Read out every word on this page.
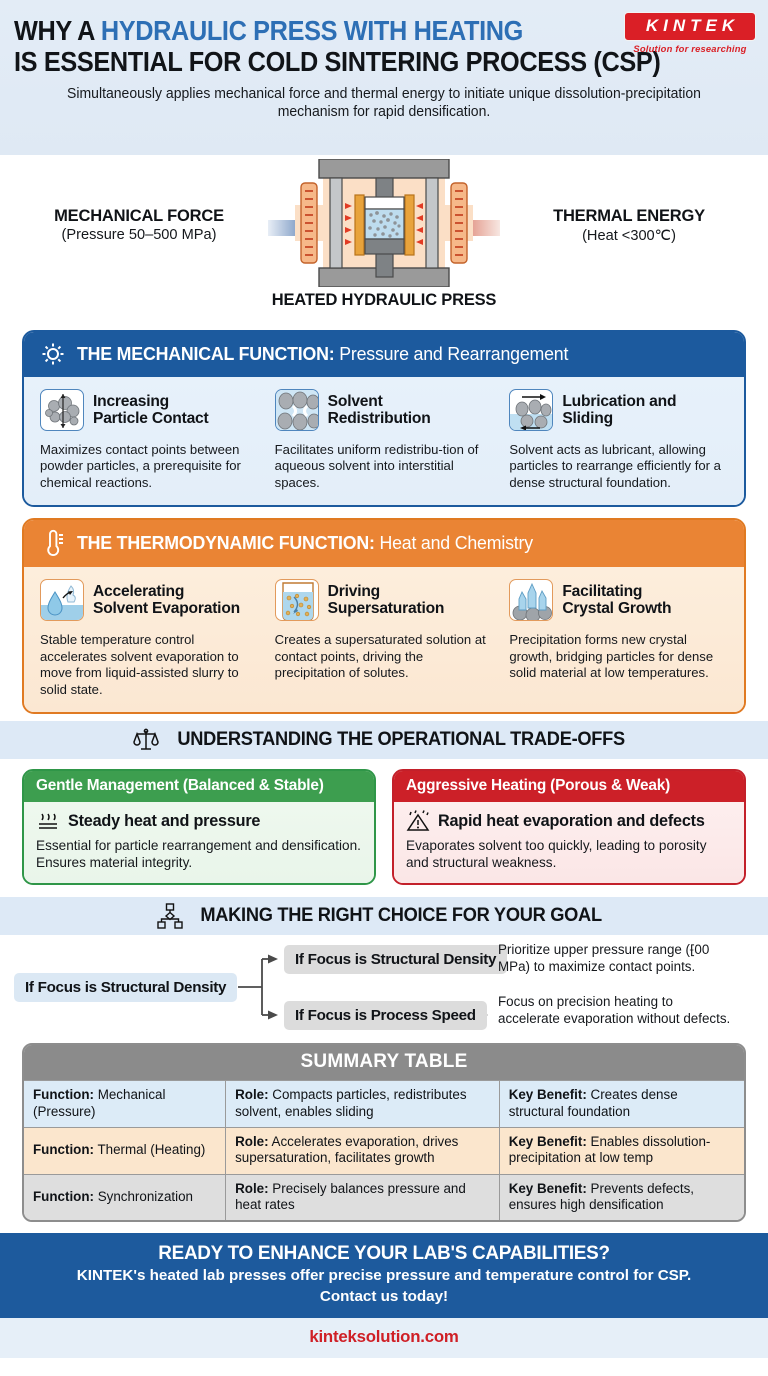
WHY A HYDRAULIC PRESS WITH HEATING
IS ESSENTIAL FOR COLD SINTERING PROCESS (CSP)
Simultaneously applies mechanical force and thermal energy to initiate unique dissolution-precipitation mechanism for rapid densification.
KINTEK
Solution for researching
MECHANICAL FORCE
(Pressure 50–500 MPa)
THERMAL ENERGY
(Heat <300℃)
HEATED HYDRAULIC PRESS
THE MECHANICAL FUNCTION: Pressure and Rearrangement
Increasing
Particle Contact
Maximizes contact points between powder particles, a prerequisite for chemical reactions.
Solvent
Redistribution
Facilitates uniform redistribu-tion of aqueous solvent into interstitial spaces.
Lubrication and
Sliding
Solvent acts as lubricant, allowing particles to rearrange efficiently for a dense structural foundation.
THE THERMODYNAMIC FUNCTION: Heat and Chemistry
Accelerating
Solvent Evaporation
Stable temperature control accelerates solvent evaporation to move from liquid-assisted slurry to solid state.
Driving
Supersaturation
Creates a supersaturated solution at contact points, driving the precipitation of solutes.
Facilitating
Crystal Growth
Precipitation forms new crystal growth, bridging particles for dense solid material at low temperatures.
UNDERSTANDING THE OPERATIONAL TRADE-OFFS
Gentle Management (Balanced & Stable)
Steady heat and pressure
Essential for particle rearrangement and densification. Ensures material integrity.
Aggressive Heating (Porous & Weak)
Rapid heat evaporation and defects
Evaporates solvent too quickly, leading to porosity and structural weakness.
MAKING THE RIGHT CHOICE FOR YOUR GOAL
If Focus is Structural Density
If Focus is Structural Density
If Focus is Process Speed
Prioritize upper pressure range (⹕00 MPa) to maximize contact points.
Focus on precision heating to accelerate evaporation without defects.
SUMMARY TABLE
Function: Mechanical (Pressure)	Role: Compacts particles, redistributes solvent, enables sliding	Key Benefit: Creates dense structural foundation
Function: Thermal (Heating)	Role: Accelerates evaporation, drives supersaturation, facilitates growth	Key Benefit: Enables dissolution-precipitation at low temp
Function: Synchronization	Role: Precisely balances pressure and heat rates	Key Benefit: Prevents defects, ensures high densification
READY TO ENHANCE YOUR LAB'S CAPABILITIES?
KINTEK's heated lab presses offer precise pressure and temperature control for CSP.
Contact us today!
kinteksolution.com
